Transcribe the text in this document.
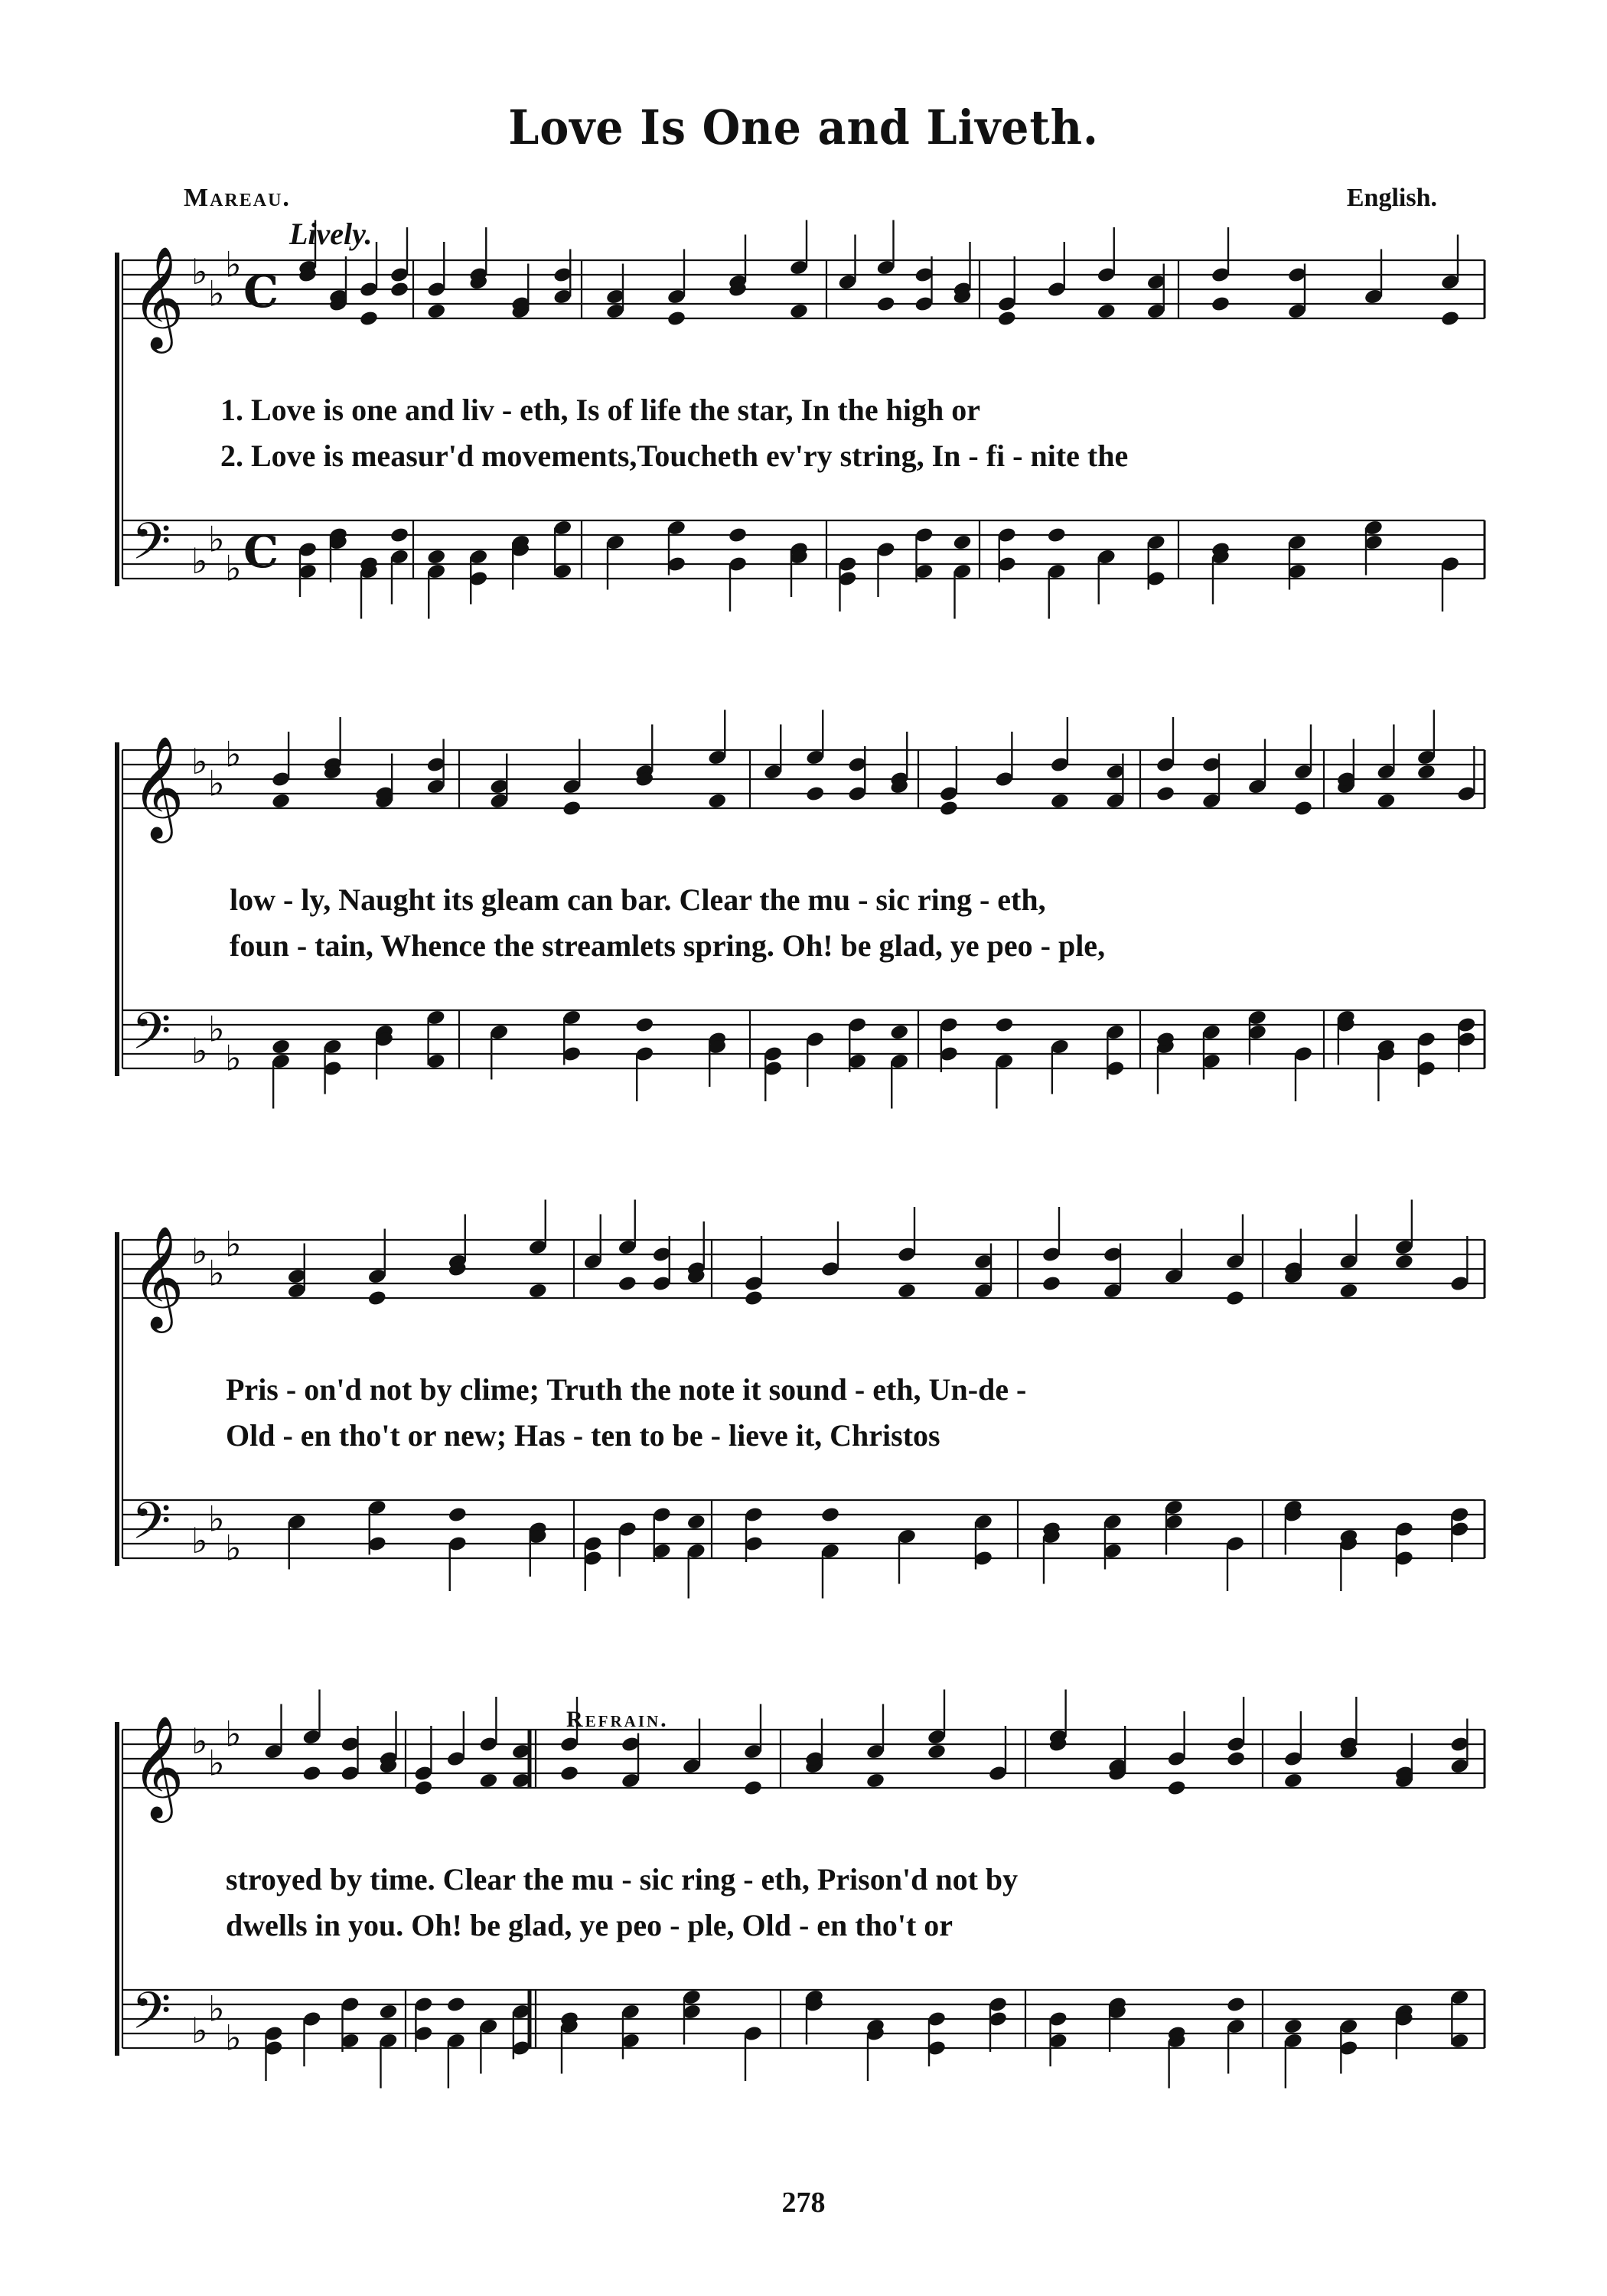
Love Is One and Liveth.
Mareau.	English.
Lively.
Refrain.
𝄞 ♭
♭
♭
C
𝄢 ♭
♭
♭ C
𝄞 ♭
♭
♭
𝄢 ♭
♭
♭
𝄞 ♭
♭
♭
𝄢 ♭
♭
♭
𝄞 ♭
♭
♭
𝄢 ♭
♭
♭
1. Love is one and liv - eth, Is of life the star, In the high or
2. Love is measur'd movements,Toucheth ev'ry string, In - fi - nite the
low - ly, Naught its gleam can bar. Clear the mu - sic ring - eth,
foun - tain, Whence the streamlets spring. Oh! be glad, ye peo - ple,
Pris - on'd not by clime; Truth the note it sound - eth, Un-de -
Old - en tho't or new; Has - ten to be - lieve it, Christos
stroyed by time. Clear the mu - sic ring - eth, Prison'd not by
dwells in you. Oh! be glad, ye peo - ple, Old - en tho't or
278
